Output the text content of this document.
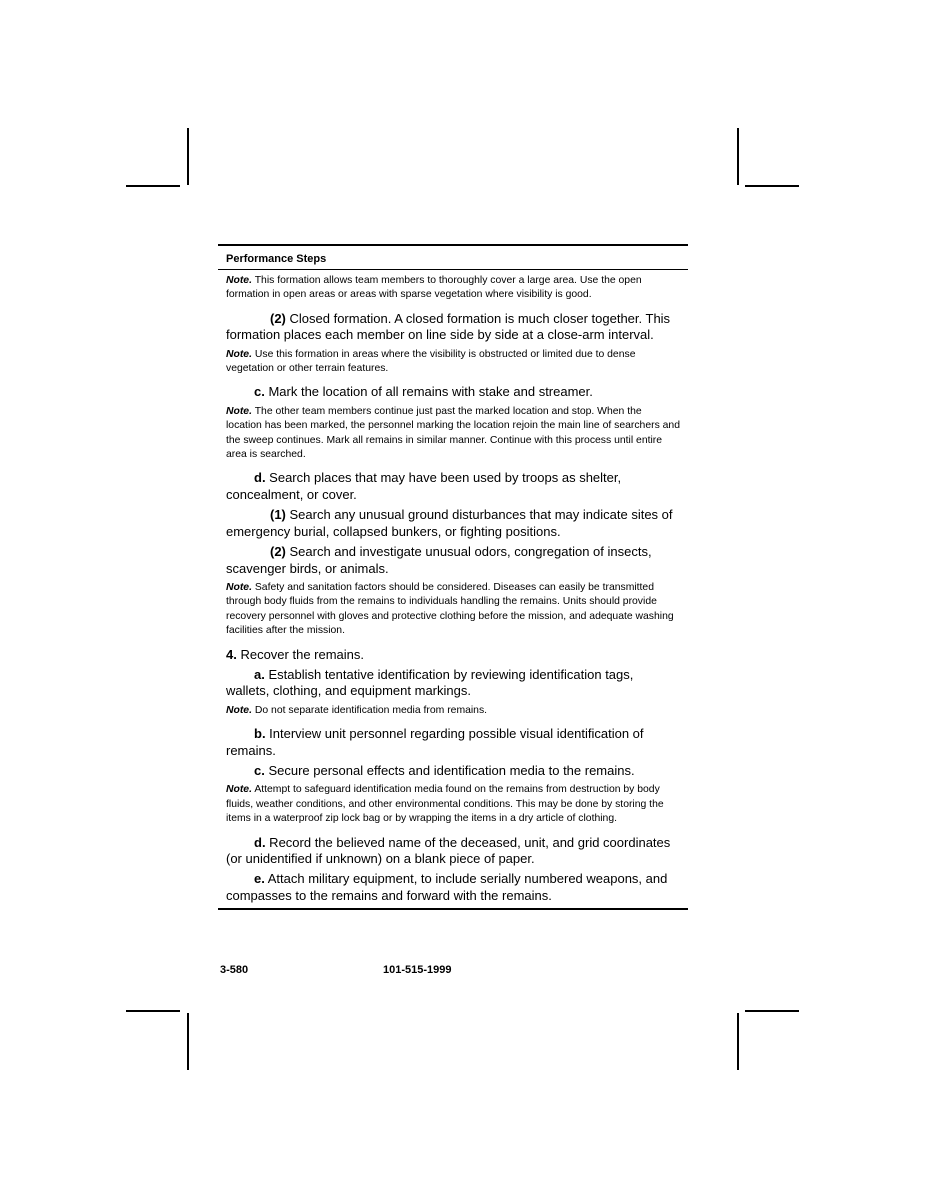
Performance Steps

Note. This formation allows team members to thoroughly cover a large area. Use the open formation in open areas or areas with sparse vegetation where visibility is good.

(2) Closed formation. A closed formation is much closer together. This formation places each member on line side by side at a close-arm interval.

Note. Use this formation in areas where the visibility is obstructed or limited due to dense vegetation or other terrain features.

c. Mark the location of all remains with stake and streamer.

Note. The other team members continue just past the marked location and stop. When the location has been marked, the personnel marking the location rejoin the main line of searchers and the sweep continues. Mark all remains in similar manner. Continue with this process until entire area is searched.

d. Search places that may have been used by troops as shelter, concealment, or cover.

(1) Search any unusual ground disturbances that may indicate sites of emergency burial, collapsed bunkers, or fighting positions.

(2) Search and investigate unusual odors, congregation of insects, scavenger birds, or animals.

Note. Safety and sanitation factors should be considered. Diseases can easily be transmitted through body fluids from the remains to individuals handling the remains. Units should provide recovery personnel with gloves and protective clothing before the mission, and adequate washing facilities after the mission.

4. Recover the remains.

a. Establish tentative identification by reviewing identification tags, wallets, clothing, and equipment markings.

Note. Do not separate identification media from remains.

b. Interview unit personnel regarding possible visual identification of remains.

c. Secure personal effects and identification media to the remains.

Note. Attempt to safeguard identification media found on the remains from destruction by body fluids, weather conditions, and other environmental conditions. This may be done by storing the items in a waterproof zip lock bag or by wrapping the items in a dry article of clothing.

d. Record the believed name of the deceased, unit, and grid coordinates (or unidentified if unknown) on a blank piece of paper.

e. Attach military equipment, to include serially numbered weapons, and compasses to the remains and forward with the remains.

3-580	101-515-1999
